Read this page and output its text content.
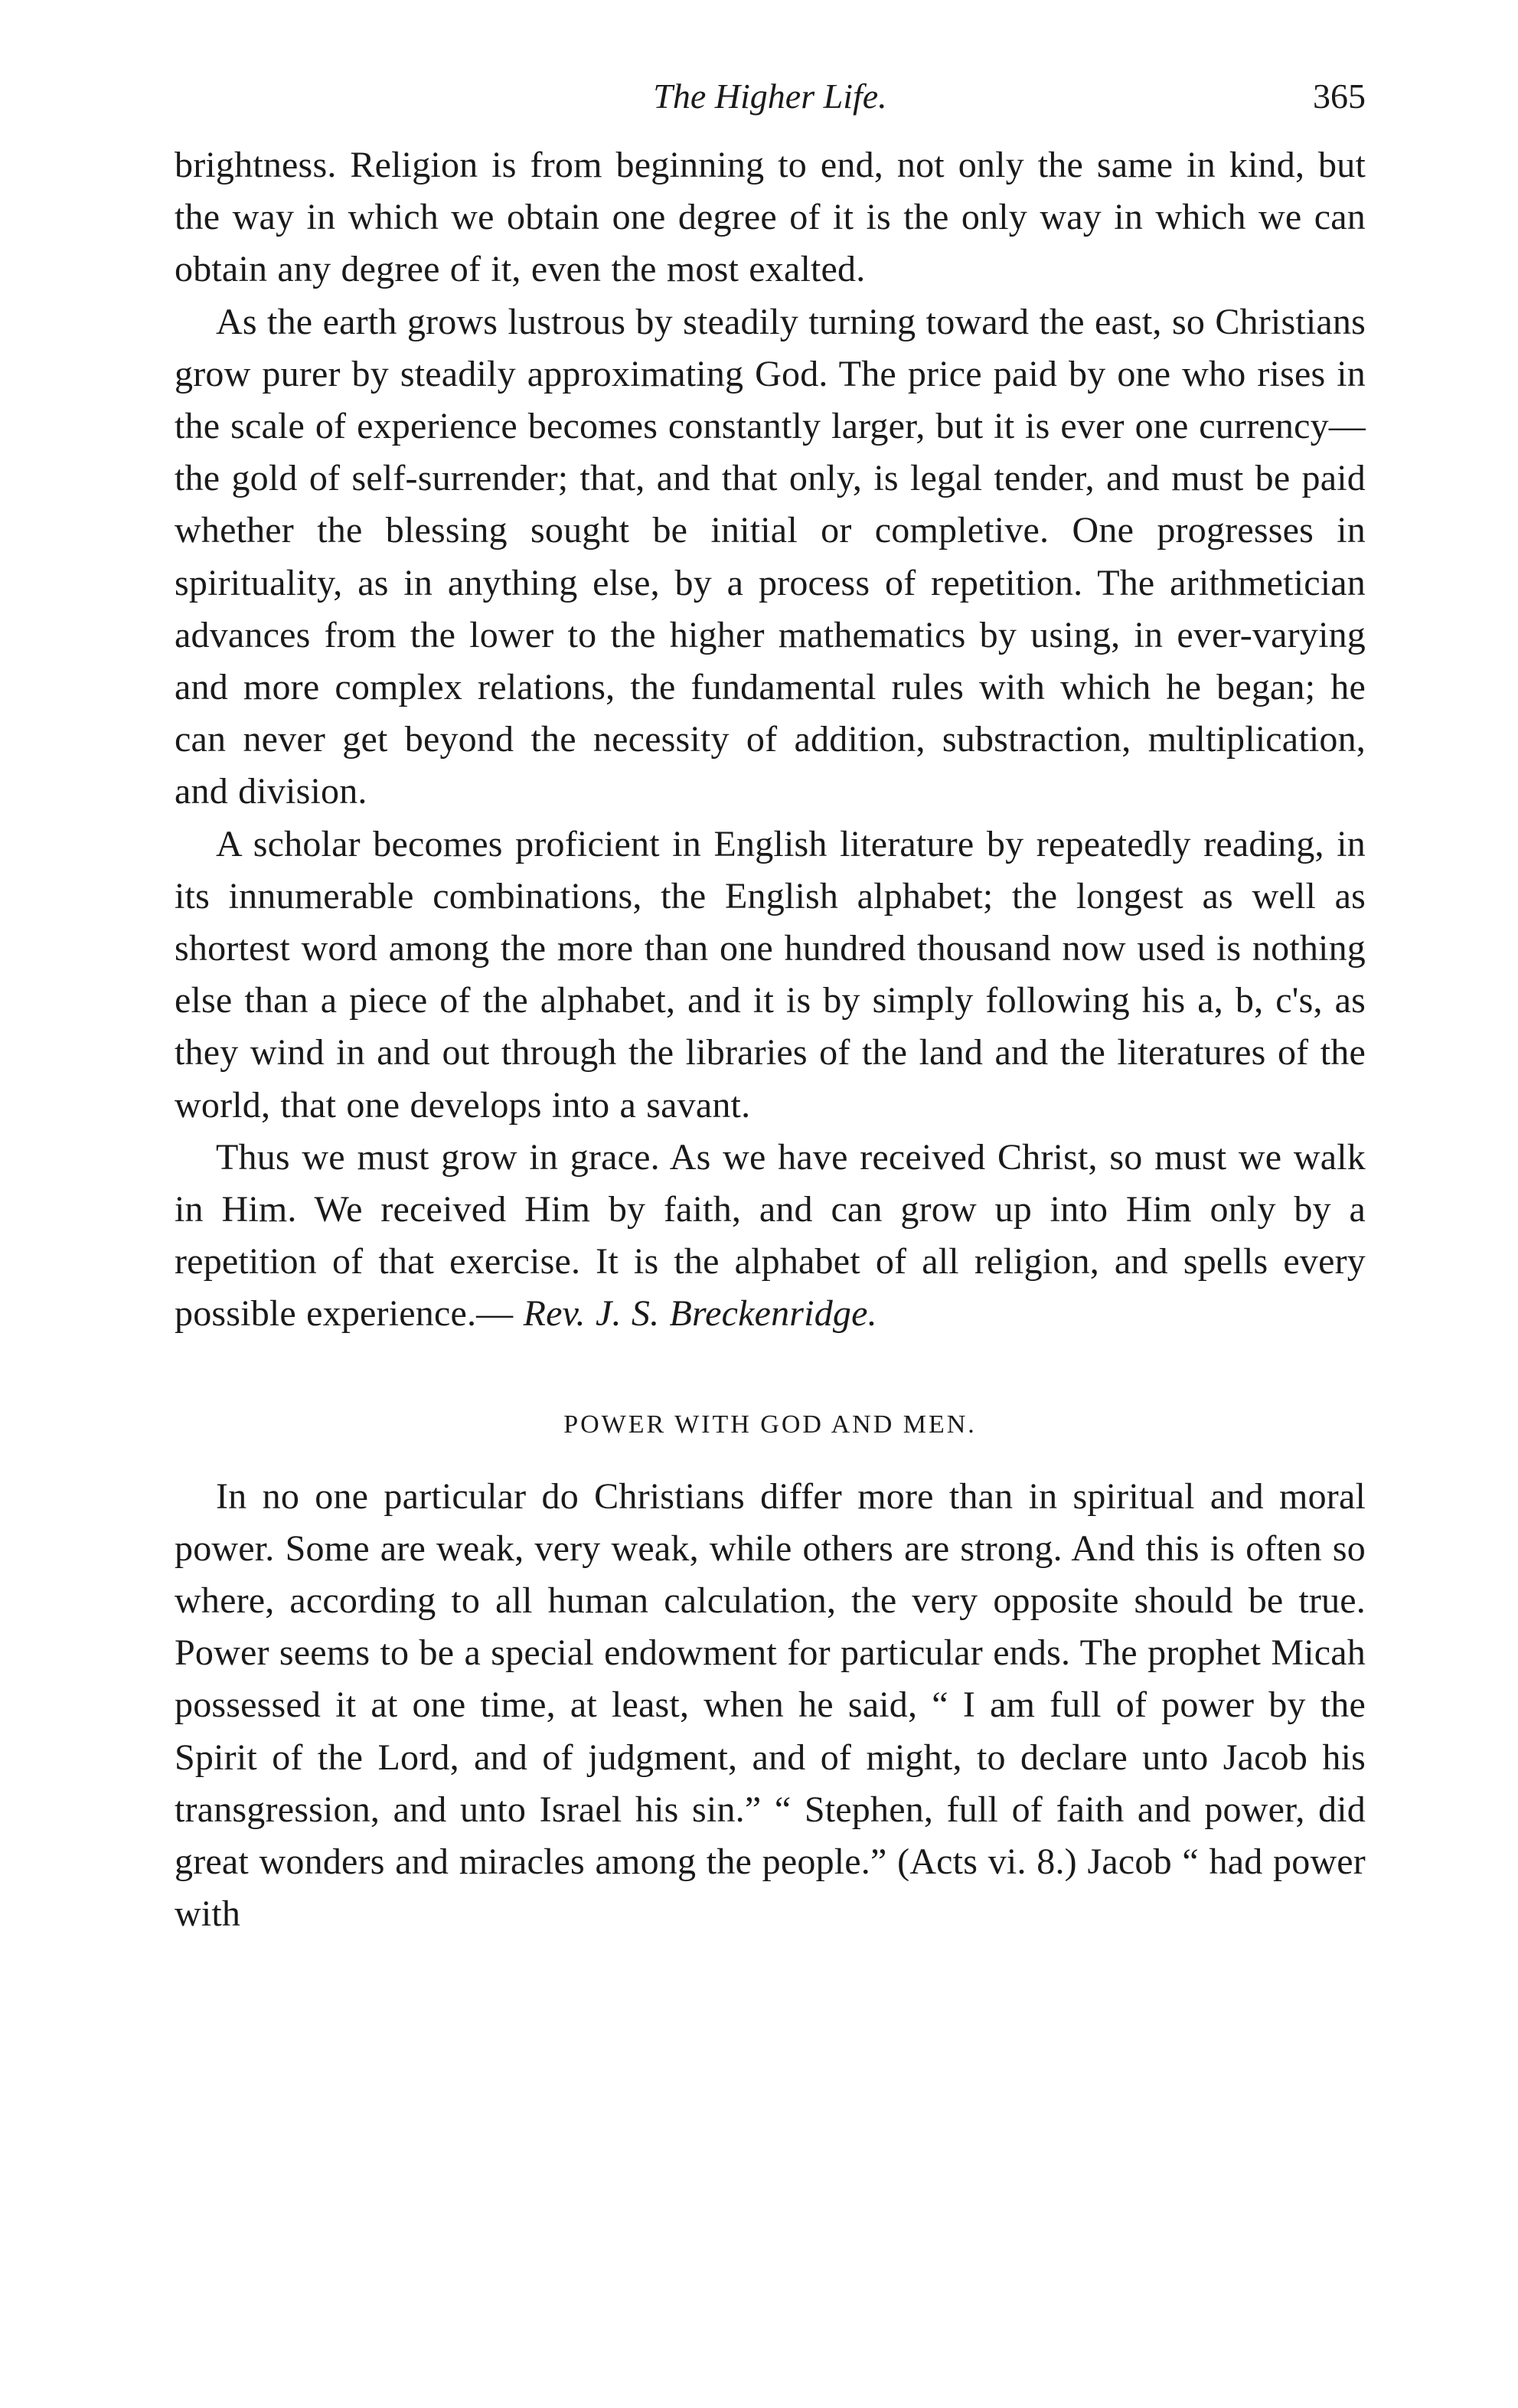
The Higher Life.	365

brightness. Religion is from beginning to end, not only the same in kind, but the way in which we obtain one degree of it is the only way in which we can obtain any degree of it, even the most exalted.

As the earth grows lustrous by steadily turning toward the east, so Christians grow purer by steadily approximating God. The price paid by one who rises in the scale of experience becomes constantly larger, but it is ever one currency—the gold of self-surrender; that, and that only, is legal tender, and must be paid whether the blessing sought be initial or completive. One progresses in spirituality, as in anything else, by a process of repetition. The arithmetician advances from the lower to the higher mathematics by using, in ever-varying and more complex relations, the fundamental rules with which he began; he can never get beyond the necessity of addition, substraction, multiplication, and division.

A scholar becomes proficient in English literature by repeatedly reading, in its innumerable combinations, the English alphabet; the longest as well as shortest word among the more than one hundred thousand now used is nothing else than a piece of the alphabet, and it is by simply following his a, b, c's, as they wind in and out through the libraries of the land and the literatures of the world, that one develops into a savant.

Thus we must grow in grace. As we have received Christ, so must we walk in Him. We received Him by faith, and can grow up into Him only by a repetition of that exercise. It is the alphabet of all religion, and spells every possible experience.— Rev. J. S. Breckenridge.

POWER WITH GOD AND MEN.

In no one particular do Christians differ more than in spiritual and moral power. Some are weak, very weak, while others are strong. And this is often so where, according to all human calculation, the very opposite should be true. Power seems to be a special endowment for particular ends. The prophet Micah possessed it at one time, at least, when he said, “ I am full of power by the Spirit of the Lord, and of judgment, and of might, to declare unto Jacob his transgression, and unto Israel his sin.” “ Stephen, full of faith and power, did great wonders and miracles among the people.” (Acts vi. 8.) Jacob “ had power with
